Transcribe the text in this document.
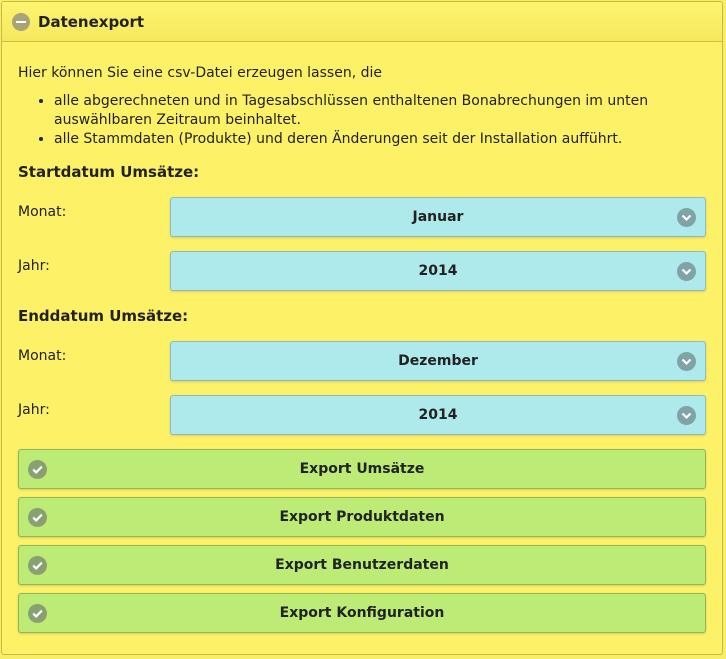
Datenexport

Hier können Sie eine csv-Datei erzeugen lassen, die

• alle abgerechneten und in Tagesabschlüssen enthaltenen Bonabrechungen im unten auswählbaren Zeitraum beinhaltet.
• alle Stammdaten (Produkte) und deren Änderungen seit der Installation aufführt.
Startdatum Umsätze:
Monat:	Januar
Jahr:	2014
Enddatum Umsätze:
Monat:	Dezember
Jahr:	2014
Export Umsätze
Export Produktdaten
Export Benutzerdaten
Export Konfiguration
